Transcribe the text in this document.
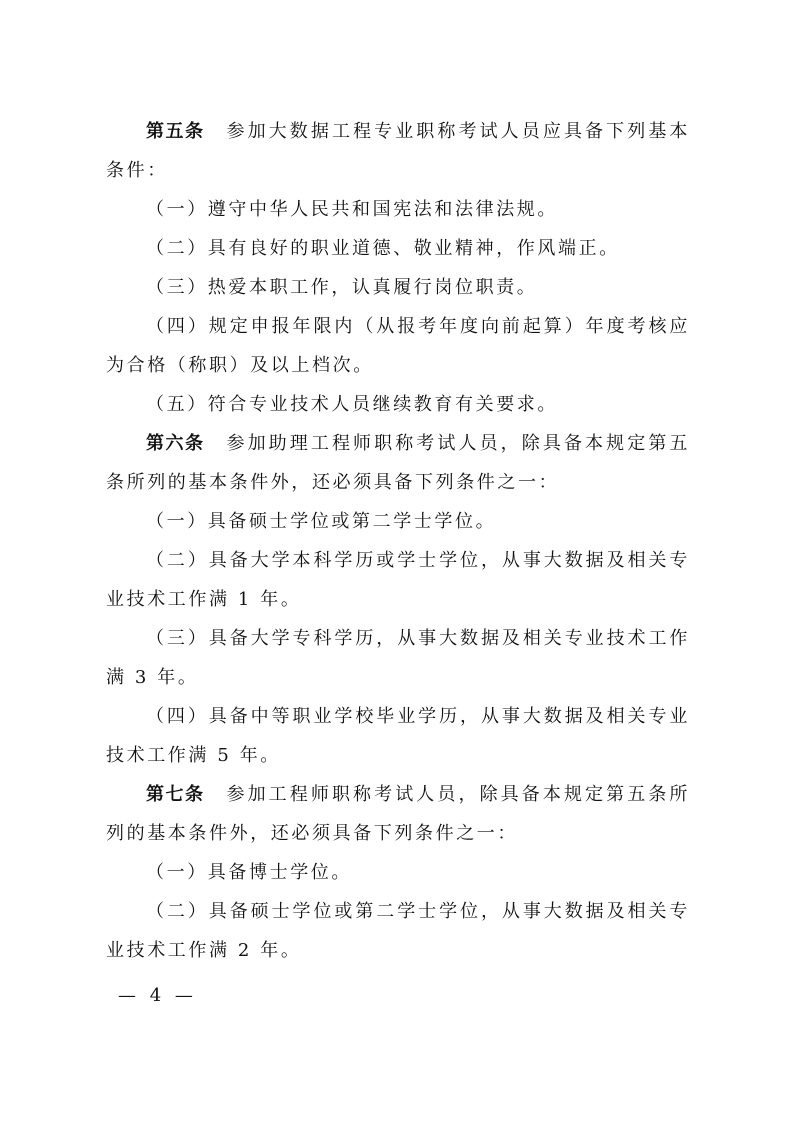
第五条 参加大数据工程专业职称考试人员应具备下列基本
条件：
（一）遵守中华人民共和国宪法和法律法规。
（二）具有良好的职业道德、敬业精神，作风端正。
（三）热爱本职工作，认真履行岗位职责。
（四）规定申报年限内（从报考年度向前起算）年度考核应
为合格（称职）及以上档次。
（五）符合专业技术人员继续教育有关要求。
第六条 参加助理工程师职称考试人员，除具备本规定第五
条所列的基本条件外，还必须具备下列条件之一：
（一）具备硕士学位或第二学士学位。
（二）具备大学本科学历或学士学位，从事大数据及相关专
业技术工作满 1 年。
（三）具备大学专科学历，从事大数据及相关专业技术工作
满 3 年。
（四）具备中等职业学校毕业学历，从事大数据及相关专业
技术工作满 5 年。
第七条 参加工程师职称考试人员，除具备本规定第五条所
列的基本条件外，还必须具备下列条件之一：
（一）具备博士学位。
（二）具备硕士学位或第二学士学位，从事大数据及相关专
业技术工作满 2 年。
— 4 —
